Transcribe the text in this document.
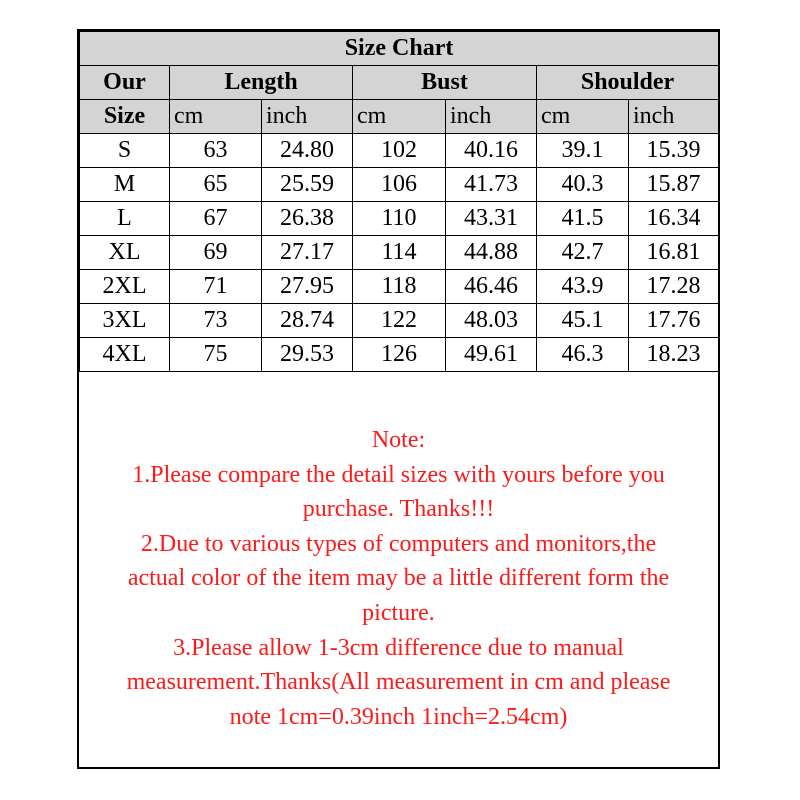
Size Chart						
Our	Length		Bust		Shoulder	
Size	cm	inch	cm	inch	cm	inch
S	63	24.80	102	40.16	39.1	15.39
M	65	25.59	106	41.73	40.3	15.87
L	67	26.38	110	43.31	41.5	16.34
XL	69	27.17	114	44.88	42.7	16.81
2XL	71	27.95	118	46.46	43.9	17.28
3XL	73	28.74	122	48.03	45.1	17.76
4XL	75	29.53	126	49.61	46.3	18.23

Note:

1.Please compare the detail sizes with yours before you

purchase. Thanks!!!

2.Due to various types of computers and monitors,the

actual color of the item may be a little different form the

picture.

3.Please allow 1-3cm difference due to manual

measurement.Thanks(All measurement in cm and please

note 1cm=0.39inch 1inch=2.54cm)
